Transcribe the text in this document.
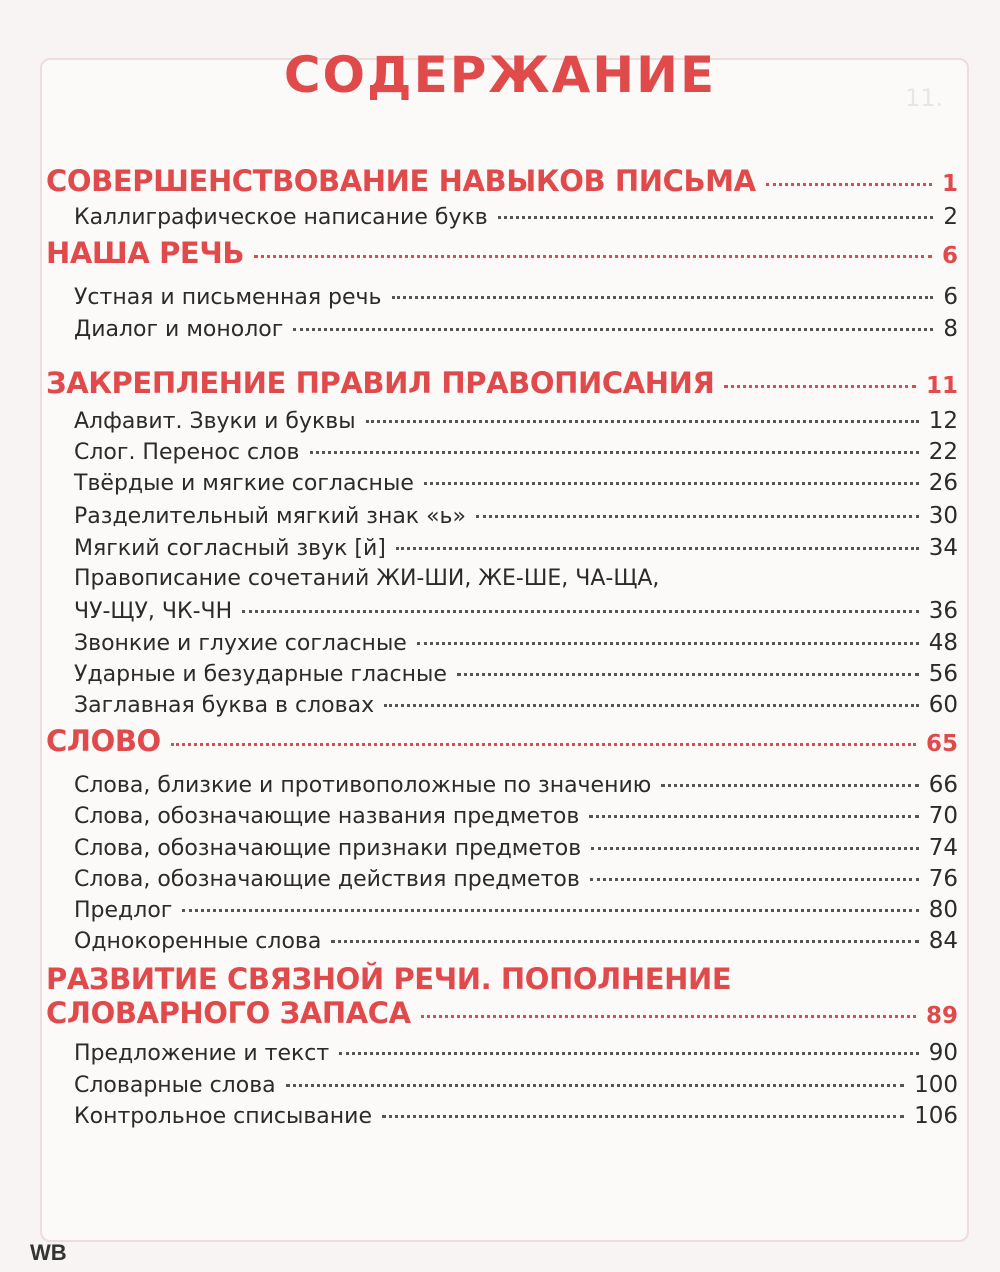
11.
СОДЕРЖАНИЕ
СОВЕРШЕНСТВОВАНИЕ НАВЫКОВ ПИСЬМА	1
Каллиграфическое написание букв	2
НАША РЕЧЬ	6
Устная и письменная речь	6
Диалог и монолог	8
ЗАКРЕПЛЕНИЕ ПРАВИЛ ПРАВОПИСАНИЯ	11
Алфавит. Звуки и буквы	12
Слог. Перенос слов	22
Твёрдые и мягкие согласные	26
Разделительный мягкий знак «ь»	30
Мягкий согласный звук [й]	34
Правописание сочетаний ЖИ-ШИ, ЖЕ-ШЕ, ЧА-ЩА,
ЧУ-ЩУ, ЧК-ЧН	36
Звонкие и глухие согласные	48
Ударные и безударные гласные	56
Заглавная буква в словах	60
СЛОВО	65
Слова, близкие и противоположные по значению	66
Слова, обозначающие названия предметов	70
Слова, обозначающие признаки предметов	74
Слова, обозначающие действия предметов	76
Предлог	80
Однокоренные слова	84
РАЗВИТИЕ СВЯЗНОЙ РЕЧИ. ПОПОЛНЕНИЕ
СЛОВАРНОГО ЗАПАСА	89
Предложение и текст	90
Словарные слова	100
Контрольное списывание	106
WB
